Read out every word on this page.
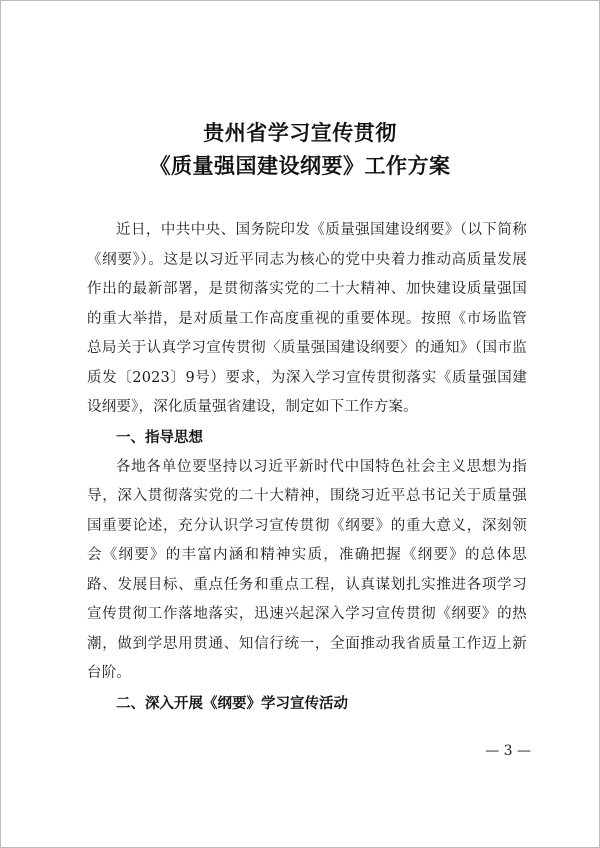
贵州省学习宣传贯彻
《质量强国建设纲要》工作方案

近日，中共中央、国务院印发《质量强国建设纲要》（以下简称《纲要》）。这是以习近平同志为核心的党中央着力推动高质量发展作出的最新部署，是贯彻落实党的二十大精神、加快建设质量强国的重大举措，是对质量工作高度重视的重要体现。按照《市场监管总局关于认真学习宣传贯彻〈质量强国建设纲要〉的通知》（国市监质发〔2023〕9号）要求，为深入学习宣传贯彻落实《质量强国建设纲要》，深化质量强省建设，制定如下工作方案。

一、指导思想

各地各单位要坚持以习近平新时代中国特色社会主义思想为指导，深入贯彻落实党的二十大精神，围绕习近平总书记关于质量强国重要论述，充分认识学习宣传贯彻《纲要》的重大意义，深刻领会《纲要》的丰富内涵和精神实质，准确把握《纲要》的总体思路、发展目标、重点任务和重点工程，认真谋划扎实推进各项学习宣传贯彻工作落地落实，迅速兴起深入学习宣传贯彻《纲要》的热潮，做到学思用贯通、知信行统一，全面推动我省质量工作迈上新台阶。

二、深入开展《纲要》学习宣传活动

— 3 —
